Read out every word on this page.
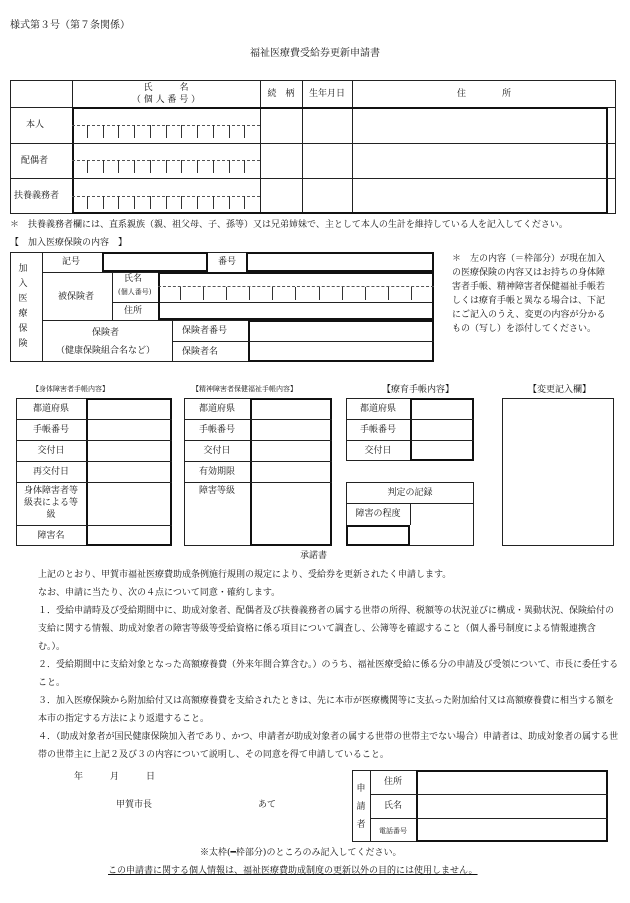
様式第３号（第７条関係）
福祉医療費受給券更新申請書
氏　　　名
（ 個 人 番 号 ）
続　柄	生年月日	住　　　　所
本人
配偶者
扶養義務者
＊　扶養義務者欄には、直系親族（親、祖父母、子、孫等）又は兄弟姉妹で、主として本人の生計を維持している人を記入してください。
【　加入医療保険の内容　】
加
入
医
療
保
険
記号	番号
被保険者
氏名
(個人番号)
住所
保険者
（健康保険組合名など）
保険者番号
保険者名
＊　左の内容（＝枠部分）が現在加入の医療保険の内容又はお持ちの身体障害者手帳、精神障害者保健福祉手帳若しくは療育手帳と異なる場合は、下記にご記入のうえ、変更の内容が分かるもの（写し）を添付してください。
【身体障害者手帳内容】
都道府県
手帳番号
交付日
再交付日
身体障害者等級表による等級
障害名
【精神障害者保健福祉手帳内容】
都道府県
手帳番号
交付日
有効期限
障害等級
【療育手帳内容】
都道府県
手帳番号
交付日
判定の記録
障害の程度
【変更記入欄】
承諾書
上記のとおり、甲賀市福祉医療費助成条例施行規則の規定により、受給券を更新されたく申請します。
なお、申請に当たり、次の４点について同意・確約します。
１．受給申請時及び受給期間中に、助成対象者、配偶者及び扶養義務者の属する世帯の所得、税額等の状況並びに構成・異動状況、保険給付の支給に関する情報、助成対象者の障害等級等受給資格に係る項目について調査し、公簿等を確認すること（個人番号制度による情報連携含む。）。
２．受給期間中に支給対象となった高額療養費（外来年間合算含む。）のうち、福祉医療受給に係る分の申請及び受領について、市長に委任すること。
３．加入医療保険から附加給付又は高額療養費を支給されたときは、先に本市が医療機関等に支払った附加給付又は高額療養費に相当する額を本市の指定する方法により返還すること。
４．（助成対象者が国民健康保険加入者であり、かつ、申請者が助成対象者の属する世帯の世帯主でない場合）申請者は、助成対象者の属する世帯の世帯主に上記２及び３の内容について説明し、その同意を得て申請していること。
年　　　月　　　日
甲賀市長	あて
申
請
者
住所
氏名
電話番号
※太枠(━枠部分)のところのみ記入してください。
この申請書に関する個人情報は、福祉医療費助成制度の更新以外の目的には使用しません。
